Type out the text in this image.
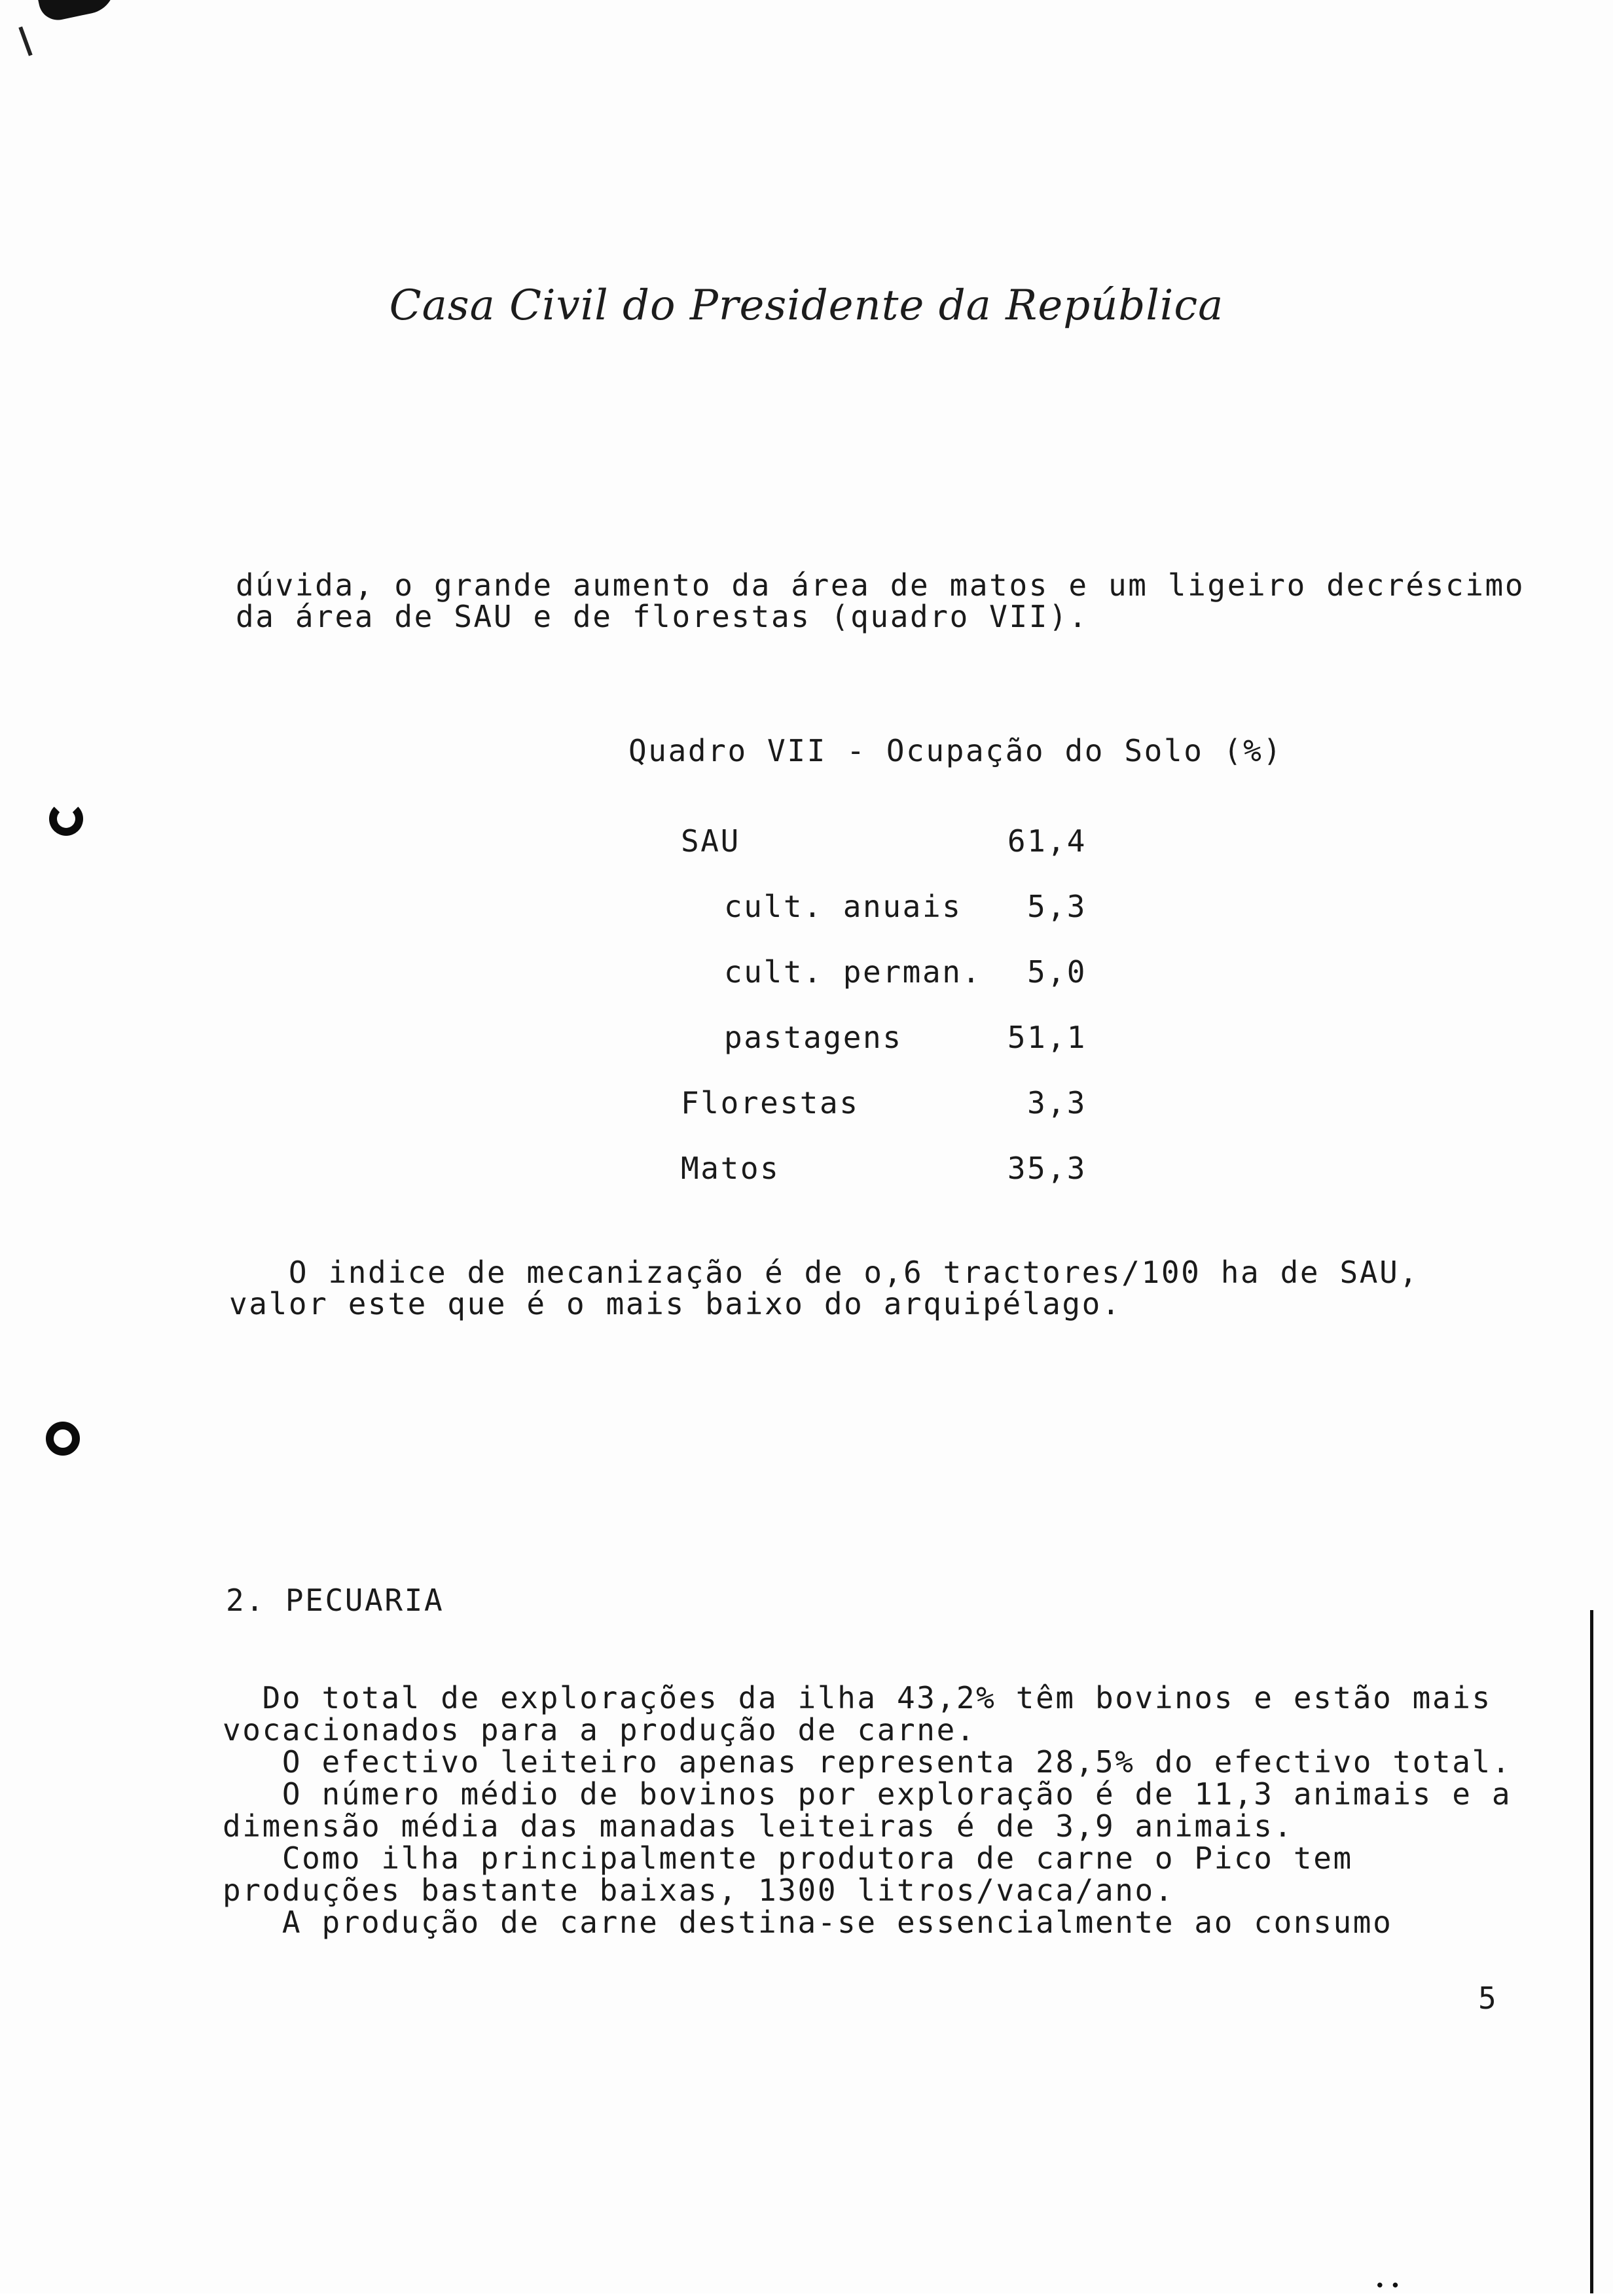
••
Casa Civil do Presidente da República
dúvida, o grande aumento da área de matos e um ligeiro decréscimo
da área de SAU e de florestas (quadro VII).
Quadro VII - Ocupação do Solo (%)
SAU	61,4
cult. anuais 5,3
cult. perman. 5,0
pastagens	51,1
Florestas	3,3
Matos	35,3
O indice de mecanização é de o,6 tractores/100 ha de SAU,
valor este que é o mais baixo do arquipélago.
2. PECUARIA
Do total de explorações da ilha 43,2% têm bovinos e estão mais
vocacionados para a produção de carne.
O efectivo leiteiro apenas representa 28,5% do efectivo total.
O número médio de bovinos por exploração é de 11,3 animais e a
dimensão média das manadas leiteiras é de 3,9 animais.
Como ilha principalmente produtora de carne o Pico tem
produções bastante baixas, 1300 litros/vaca/ano.
A produção de carne destina-se essencialmente ao consumo
5
